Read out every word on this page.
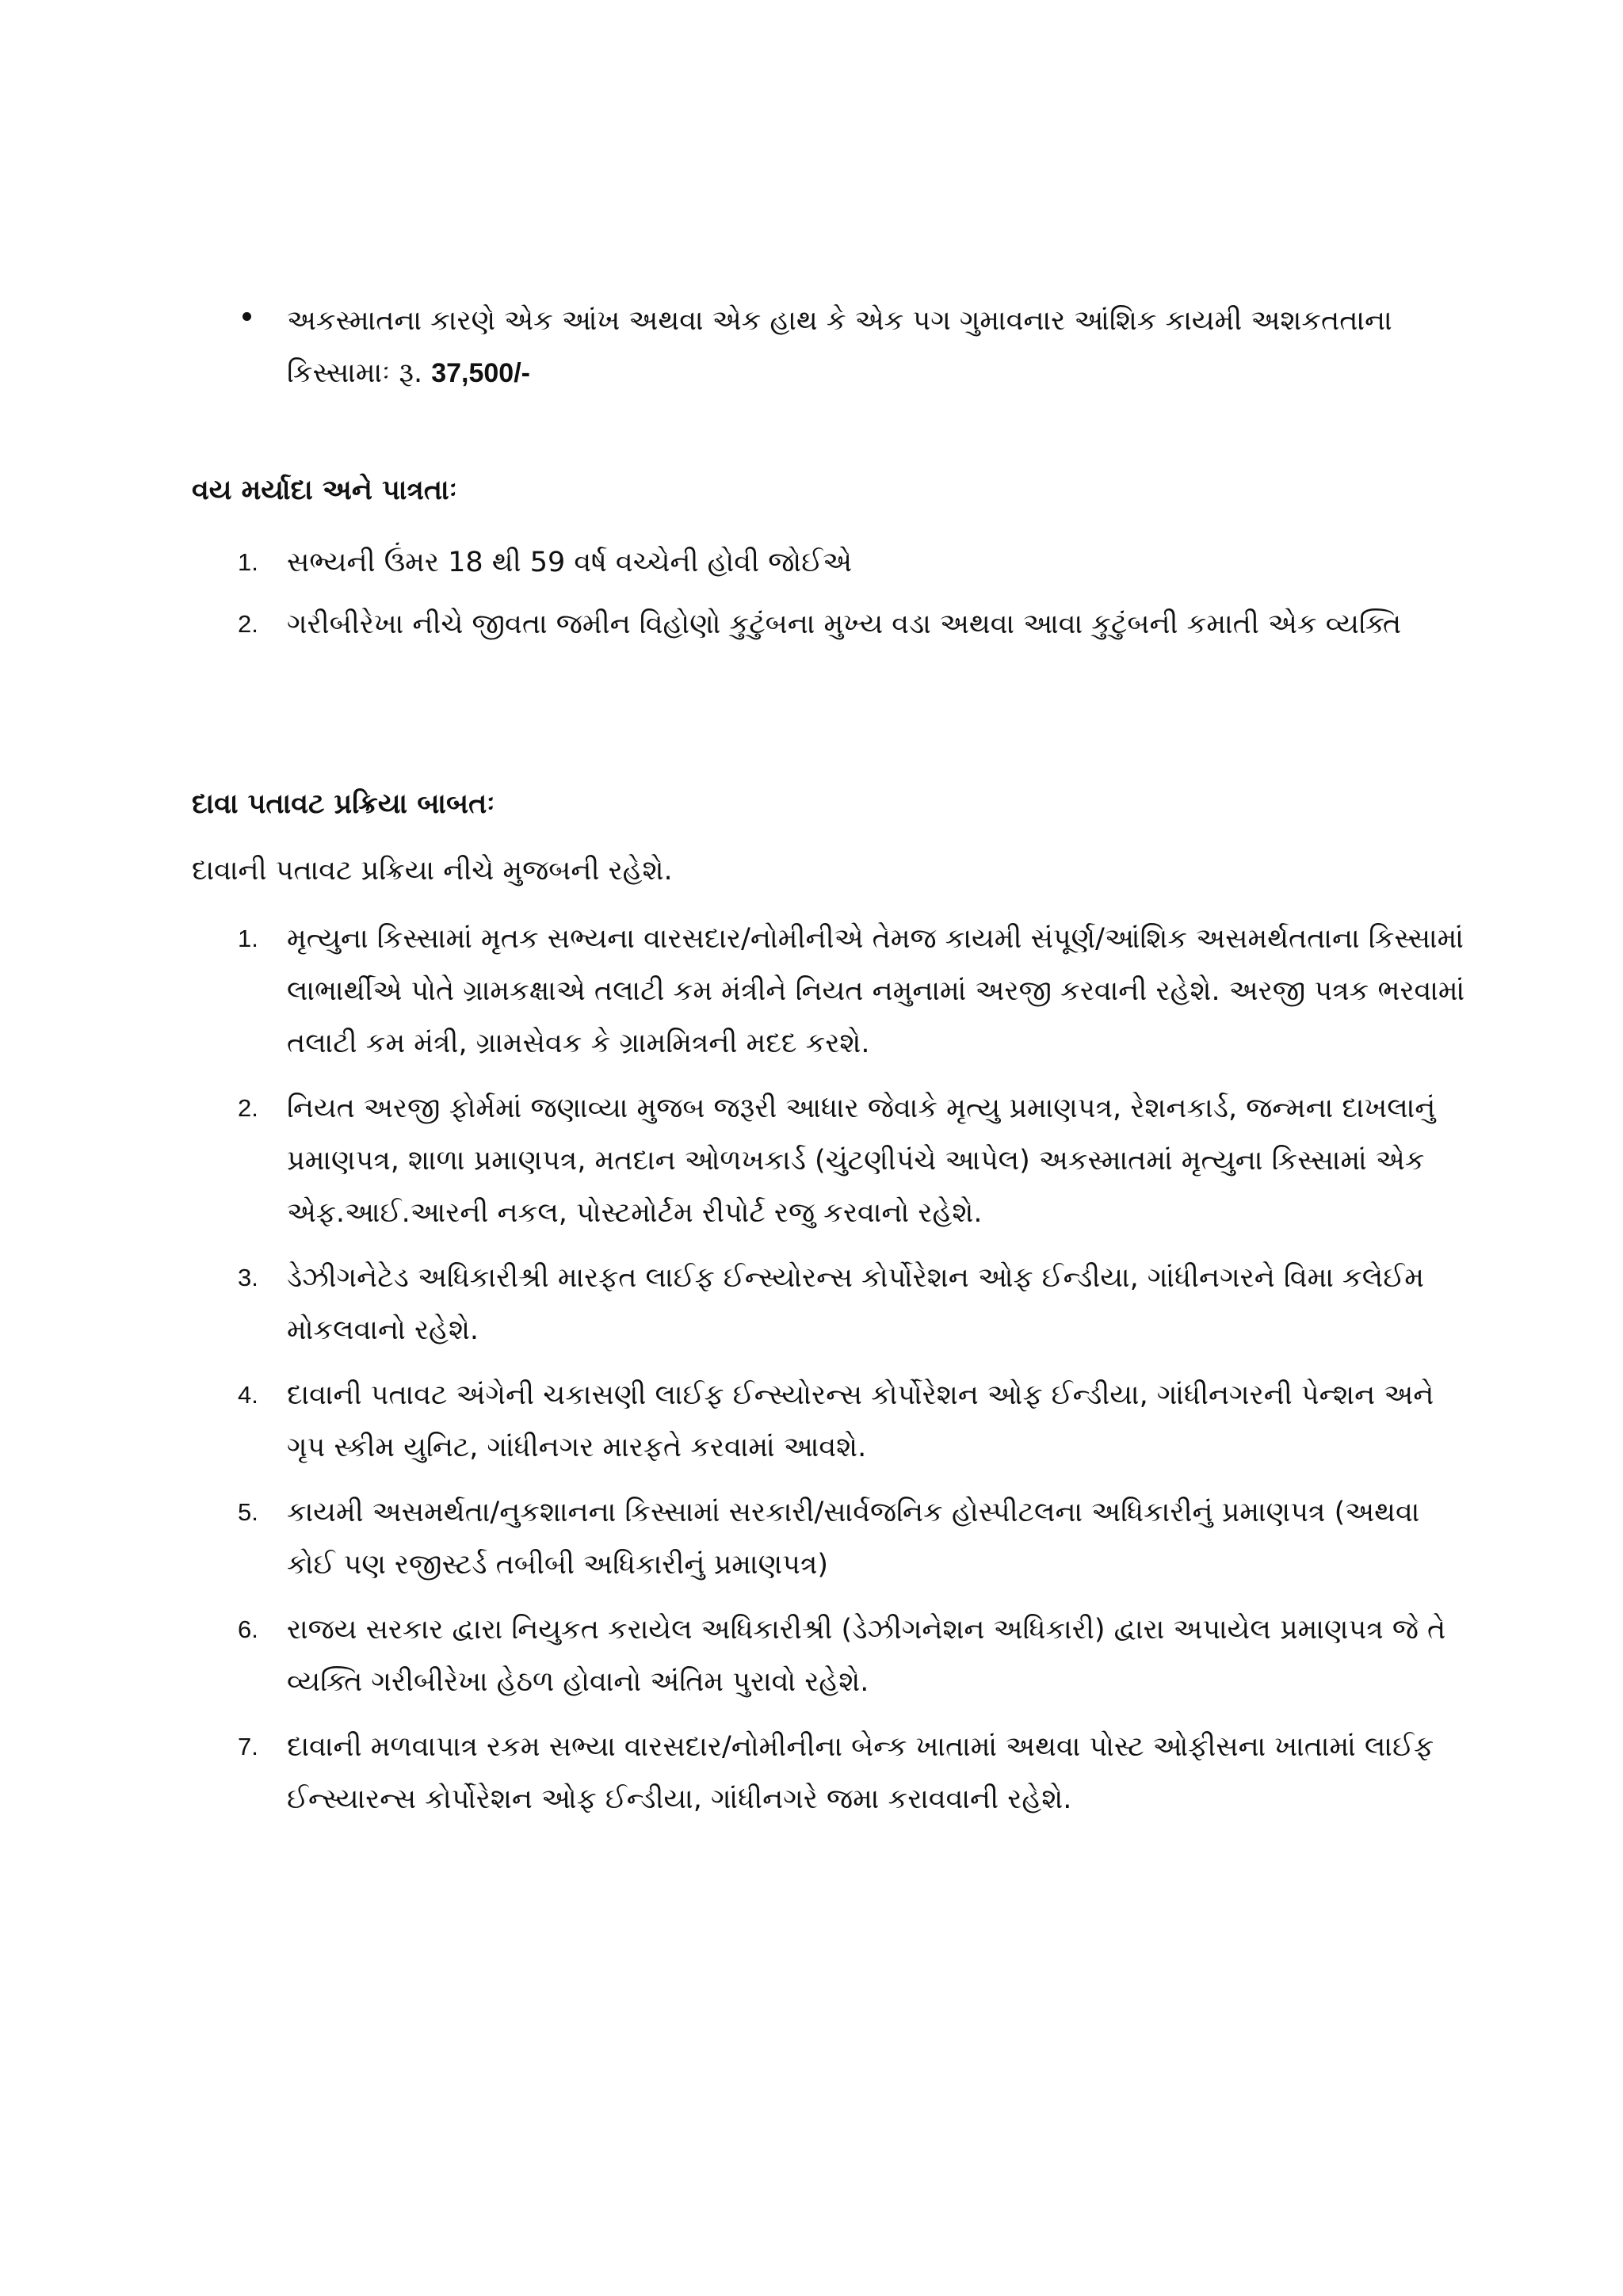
અકસ્માતના કારણે એક આંખ અથવા એક હાથ કે એક પગ ગુમાવનાર આંશિક કાયમી અશકતતાના કિસ્સામાઃ રૂ. 37,500/-
વય મર્યાદા અને પાત્રતાઃ
1. સભ્યની ઉંમર 18 થી 59 વર્ષ વચ્ચેની હોવી જોઈએ
2. ગરીબીરેખા નીચે જીવતા જમીન વિહોણો કુટુંબના મુખ્ય વડા અથવા આવા કુટુંબની કમાતી એક વ્યક્તિ
દાવા પતાવટ પ્રક્રિયા બાબતઃ
દાવાની પતાવટ પ્રક્રિયા નીચે મુજબની રહેશે.
1. મૃત્યુના કિસ્સામાં મૃતક સભ્યના વારસદાર/નોમીનીએ તેમજ કાયમી સંપૂર્ણ/આંશિક અસમર્થતતાના કિસ્સામાં લાભાર્થીએ પોતે ગ્રામકક્ષાએ તલાટી કમ મંત્રીને નિયત નમુનામાં અરજી કરવાની રહેશે. અરજી પત્રક ભરવામાં તલાટી કમ મંત્રી, ગ્રામસેવક કે ગ્રામમિત્રની મદદ કરશે.
2. નિયત અરજી ફોર્મમાં જણાવ્યા મુજબ જરૂરી આધાર જેવાકે મૃત્યુ પ્રમાણપત્ર, રેશનકાર્ડ, જન્મના દાખલાનું પ્રમાણપત્ર, શાળા પ્રમાણપત્ર, મતદાન ઓળખકાર્ડ (ચુંટણીપંચે આપેલ) અકસ્માતમાં મૃત્યુના કિસ્સામાં એક એફ.આઈ.આરની નકલ, પોસ્ટમોર્ટમ રીપોર્ટ રજુ કરવાનો રહેશે.
3. ડેઝીગનેટેડ અધિકારીશ્રી મારફત લાઈફ ઈન્સ્યોરન્સ કોર્પોરેશન ઓફ ઈન્ડીયા, ગાંધીનગરને વિમા કલેઈમ મોકલવાનો રહેશે.
4. દાવાની પતાવટ અંગેની ચકાસણી લાઈફ ઈન્સ્યોરન્સ કોર્પોરેશન ઓફ ઈન્ડીયા, ગાંધીનગરની પેન્શન અને ગૃપ સ્કીમ યુનિટ, ગાંધીનગર મારફતે કરવામાં આવશે.
5. કાયમી અસમર્થતા/નુકશાનના કિસ્સામાં સરકારી/સાર્વજનિક હોસ્પીટલના અધિકારીનું પ્રમાણપત્ર (અથવા કોઈ પણ રજીસ્ટર્ડ તબીબી અધિકારીનું પ્રમાણપત્ર)
6. રાજય સરકાર દ્વારા નિયુકત કરાયેલ અધિકારીશ્રી (ડેઝીગનેશન અધિકારી) દ્વારા અપાયેલ પ્રમાણપત્ર જે તે વ્યક્તિ ગરીબીરેખા હેઠળ હોવાનો અંતિમ પુરાવો રહેશે.
7. દાવાની મળવાપાત્ર રકમ સભ્યા વારસદાર/નોમીનીના બેન્ક ખાતામાં અથવા પોસ્ટ ઓફીસના ખાતામાં લાઈફ ઈન્સ્યારન્સ કોર્પોરેશન ઓફ ઈન્ડીયા, ગાંધીનગરે જમા કરાવવાની રહેશે.
